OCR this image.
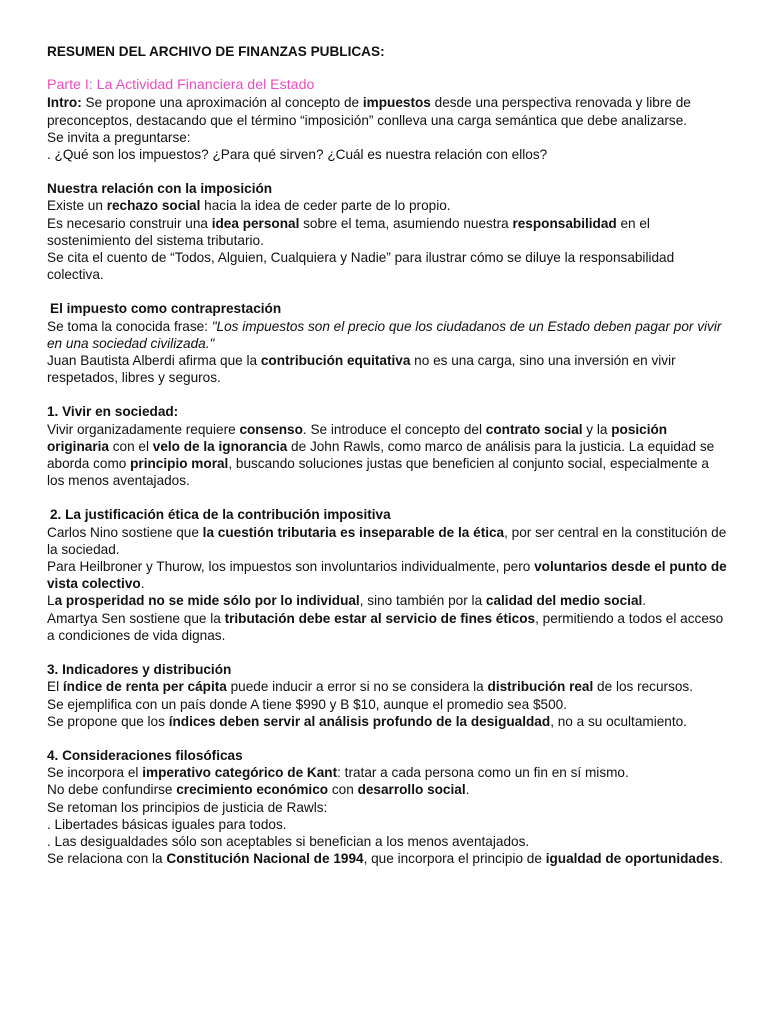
RESUMEN DEL ARCHIVO DE FINANZAS PUBLICAS:

Parte I: La Actividad Financiera del Estado

Intro: Se propone una aproximación al concepto de impuestos desde una perspectiva renovada y libre de preconceptos, destacando que el término “imposición” conlleva una carga semántica que debe analizarse.

Se invita a preguntarse:

. ¿Qué son los impuestos? ¿Para qué sirven? ¿Cuál es nuestra relación con ellos?

Nuestra relación con la imposición

Existe un rechazo social hacia la idea de ceder parte de lo propio.

Es necesario construir una idea personal sobre el tema, asumiendo nuestra responsabilidad en el sostenimiento del sistema tributario.

Se cita el cuento de “Todos, Alguien, Cualquiera y Nadie” para ilustrar cómo se diluye la responsabilidad colectiva.

El impuesto como contraprestación

Se toma la conocida frase: "Los impuestos son el precio que los ciudadanos de un Estado deben pagar por vivir en una sociedad civilizada."

Juan Bautista Alberdi afirma que la contribución equitativa no es una carga, sino una inversión en vivir respetados, libres y seguros.

1. Vivir en sociedad:

Vivir organizadamente requiere consenso. Se introduce el concepto del contrato social y la posición originaria con el velo de la ignorancia de John Rawls, como marco de análisis para la justicia. La equidad se aborda como principio moral, buscando soluciones justas que beneficien al conjunto social, especialmente a los menos aventajados.

2. La justificación ética de la contribución impositiva

Carlos Nino sostiene que la cuestión tributaria es inseparable de la ética, por ser central en la constitución de la sociedad.

Para Heilbroner y Thurow, los impuestos son involuntarios individualmente, pero voluntarios desde el punto de vista colectivo.

La prosperidad no se mide sólo por lo individual, sino también por la calidad del medio social.

Amartya Sen sostiene que la tributación debe estar al servicio de fines éticos, permitiendo a todos el acceso a condiciones de vida dignas.

3. Indicadores y distribución

El índice de renta per cápita puede inducir a error si no se considera la distribución real de los recursos.

Se ejemplifica con un país donde A tiene $990 y B $10, aunque el promedio sea $500.

Se propone que los índices deben servir al análisis profundo de la desigualdad, no a su ocultamiento.

4. Consideraciones filosóficas

Se incorpora el imperativo categórico de Kant: tratar a cada persona como un fin en sí mismo.

No debe confundirse crecimiento económico con desarrollo social.

Se retoman los principios de justicia de Rawls:

. Libertades básicas iguales para todos.

. Las desigualdades sólo son aceptables si benefician a los menos aventajados.

Se relaciona con la Constitución Nacional de 1994, que incorpora el principio de igualdad de oportunidades.
